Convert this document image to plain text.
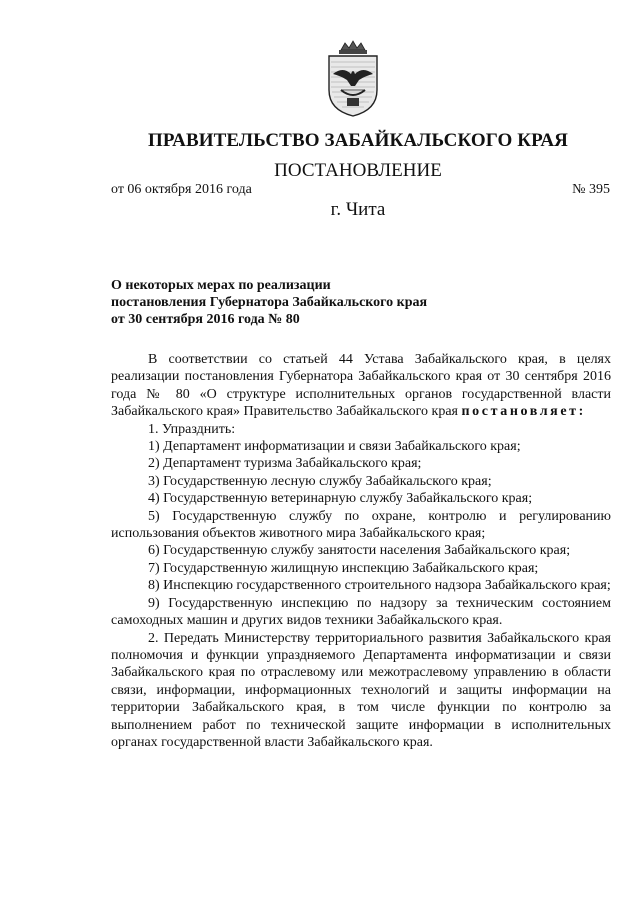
ПРАВИТЕЛЬСТВО ЗАБАЙКАЛЬСКОГО КРАЯ
ПОСТАНОВЛЕНИЕ
от 06 октября 2016 года	№ 395
г. Чита
О некоторых мерах по реализации
постановления Губернатора Забайкальского края
от 30 сентября 2016 года № 80

В соответствии со статьей 44 Устава Забайкальского края, в целях реализации постановления Губернатора Забайкальского края от 30 сентября 2016 года № 80 «О структуре исполнительных органов государственной власти Забайкальского края» Правительство Забайкальского края постановляет:

1. Упразднить:

1) Департамент информатизации и связи Забайкальского края;

2) Департамент туризма Забайкальского края;

3) Государственную лесную службу Забайкальского края;

4) Государственную ветеринарную службу Забайкальского края;

5) Государственную службу по охране, контролю и регулированию использования объектов животного мира Забайкальского края;

6) Государственную службу занятости населения Забайкальского края;

7) Государственную жилищную инспекцию Забайкальского края;

8) Инспекцию государственного строительного надзора Забайкальского края;

9) Государственную инспекцию по надзору за техническим состоянием самоходных машин и других видов техники Забайкальского края.

2. Передать Министерству территориального развития Забайкальского края полномочия и функции упраздняемого Департамента информатизации и связи Забайкальского края по отраслевому или межотраслевому управлению в области связи, информации, информационных технологий и защиты информации на территории Забайкальского края, в том числе функции по контролю за выполнением работ по технической защите информации в исполнительных органах государственной власти Забайкальского края.
